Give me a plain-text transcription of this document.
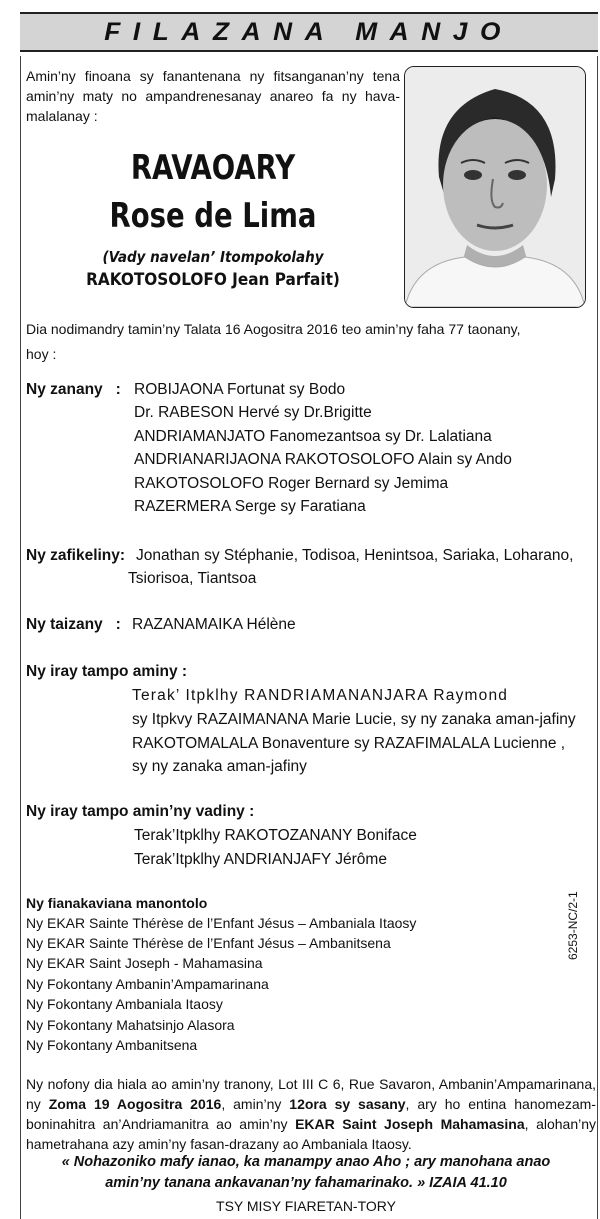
FILAZANA MANJO
Amin’ny finoana sy fanantenana ny fitsanganan’ny tena amin’ny maty no ampandrenesanay anareo fa ny hava-malalanay :
RAVAOARY
Rose de Lima
(Vady navelan’ Itompokolahy
RAKOTOSOLOFO Jean Parfait)
Dia nodimandry tamin’ny Talata 16 Aogositra 2016 teo amin’ny faha 77 taonany,
hoy :
Ny zanany   : ROBIJAONA Fortunat sy Bodo
Dr. RABESON Hervé sy Dr.Brigitte
ANDRIAMANJATO Fanomezantsoa sy Dr. Lalatiana
ANDRIANARIJAONA RAKOTOSOLOFO Alain sy Ando
RAKOTOSOLOFO Roger Bernard sy Jemima
RAZERMERA Serge sy Faratiana
Ny zafikeliny: Jonathan sy Stéphanie, Todisoa, Henintsoa, Sariaka, Loharano,
Tsiorisoa, Tiantsoa
Ny taizany   : RAZANAMAIKA Hélène
Ny iray tampo aminy :
Terak’ Itpklhy RANDRIAMANANJARA Raymond
sy Itpkvy RAZAIMANANA Marie Lucie, sy ny zanaka aman-jafiny
RAKOTOMALALA Bonaventure sy RAZAFIMALALA Lucienne ,
sy ny zanaka aman-jafiny
Ny iray tampo amin’ny vadiny :
Terak’Itpklhy RAKOTOZANANY Boniface
Terak’Itpklhy ANDRIANJAFY Jérôme
Ny fianakaviana manontolo
Ny EKAR Sainte Thérèse de l’Enfant Jésus – Ambaniala Itaosy
Ny EKAR Sainte Thérèse de l’Enfant Jésus – Ambanitsena
Ny EKAR Saint Joseph - Mahamasina
Ny Fokontany Ambanin’Ampamarinana
Ny Fokontany Ambaniala Itaosy
Ny Fokontany Mahatsinjo Alasora
Ny Fokontany Ambanitsena
6253-NC/2-1
Ny nofony dia hiala ao amin’ny tranony, Lot III C 6, Rue Savaron, Ambanin’Ampamarinana, ny Zoma 19 Aogositra 2016, amin’ny 12ora sy sasany, ary ho entina hanomezam-boninahitra an’Andriamanitra ao amin’ny EKAR Saint Joseph Mahamasina, alohan’ny hametrahana azy amin’ny fasan-drazany ao Ambaniala Itaosy.
« Nohazoniko mafy ianao, ka manampy anao Aho ; ary manohana anao
amin’ny tanana ankavanan’ny fahamarinako. » IZAIA 41.10
TSY MISY FIARETAN-TORY
